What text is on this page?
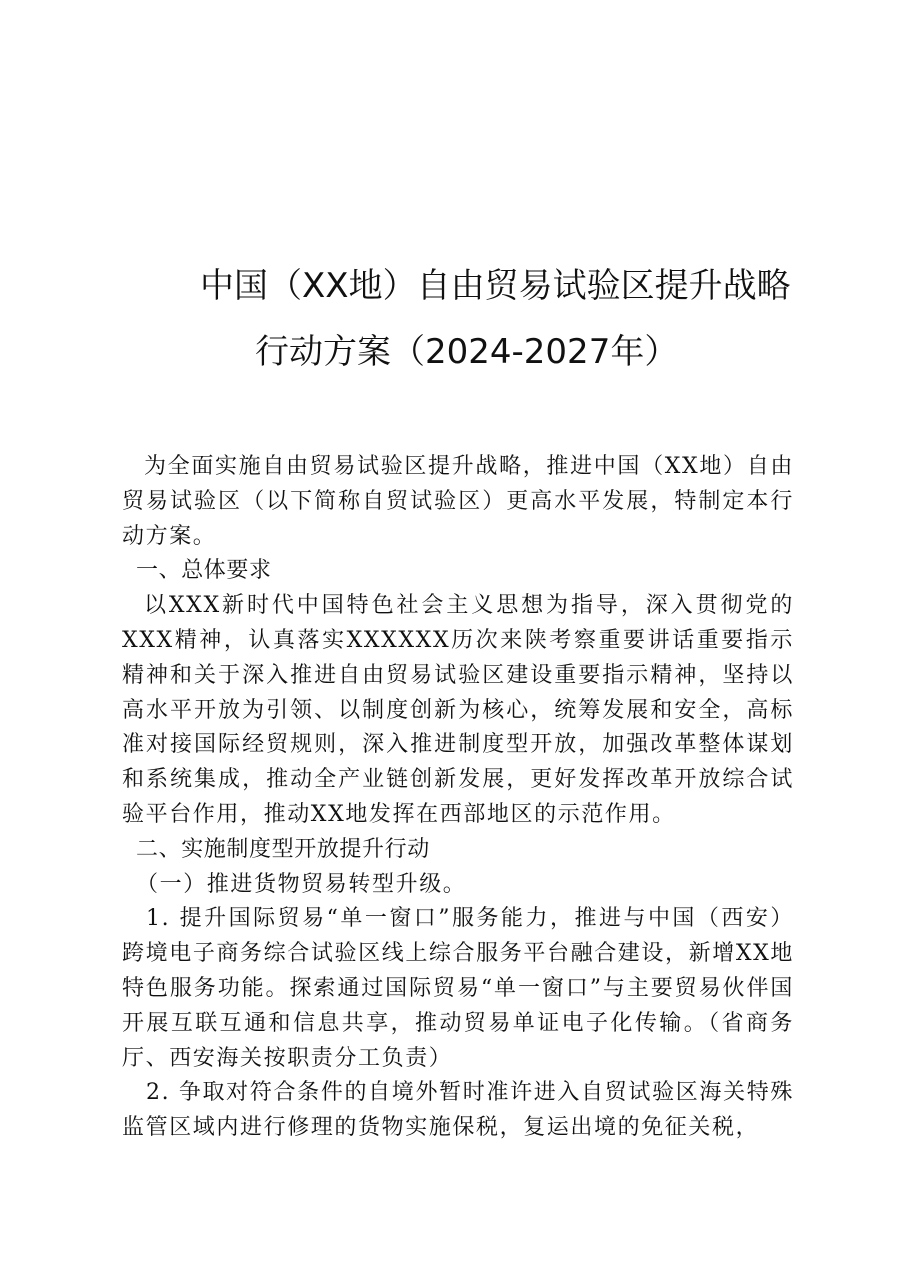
中国（XX地）自由贸易试验区提升战略
行动方案（2024-2027年）

为全面实施自由贸易试验区提升战略，推进中国（XX地）自由贸易试验区（以下简称自贸试验区）更高水平发展，特制定本行动方案。

一、总体要求

以XXX新时代中国特色社会主义思想为指导，深入贯彻党的XXX精神，认真落实XXXXXX历次来陕考察重要讲话重要指示精神和关于深入推进自由贸易试验区建设重要指示精神，坚持以高水平开放为引领、以制度创新为核心，统筹发展和安全，高标准对接国际经贸规则，深入推进制度型开放，加强改革整体谋划和系统集成，推动全产业链创新发展，更好发挥改革开放综合试验平台作用，推动XX地发挥在西部地区的示范作用。

二、实施制度型开放提升行动

（一）推进货物贸易转型升级。

1. 提升国际贸易“单一窗口”服务能力，推进与中国（西安）跨境电子商务综合试验区线上综合服务平台融合建设，新增XX地特色服务功能。探索通过国际贸易“单一窗口”与主要贸易伙伴国开展互联互通和信息共享，推动贸易单证电子化传输。（省商务厅、西安海关按职责分工负责）

2. 争取对符合条件的自境外暂时准许进入自贸试验区海关特殊监管区域内进行修理的货物实施保税，复运出境的免征关税，
